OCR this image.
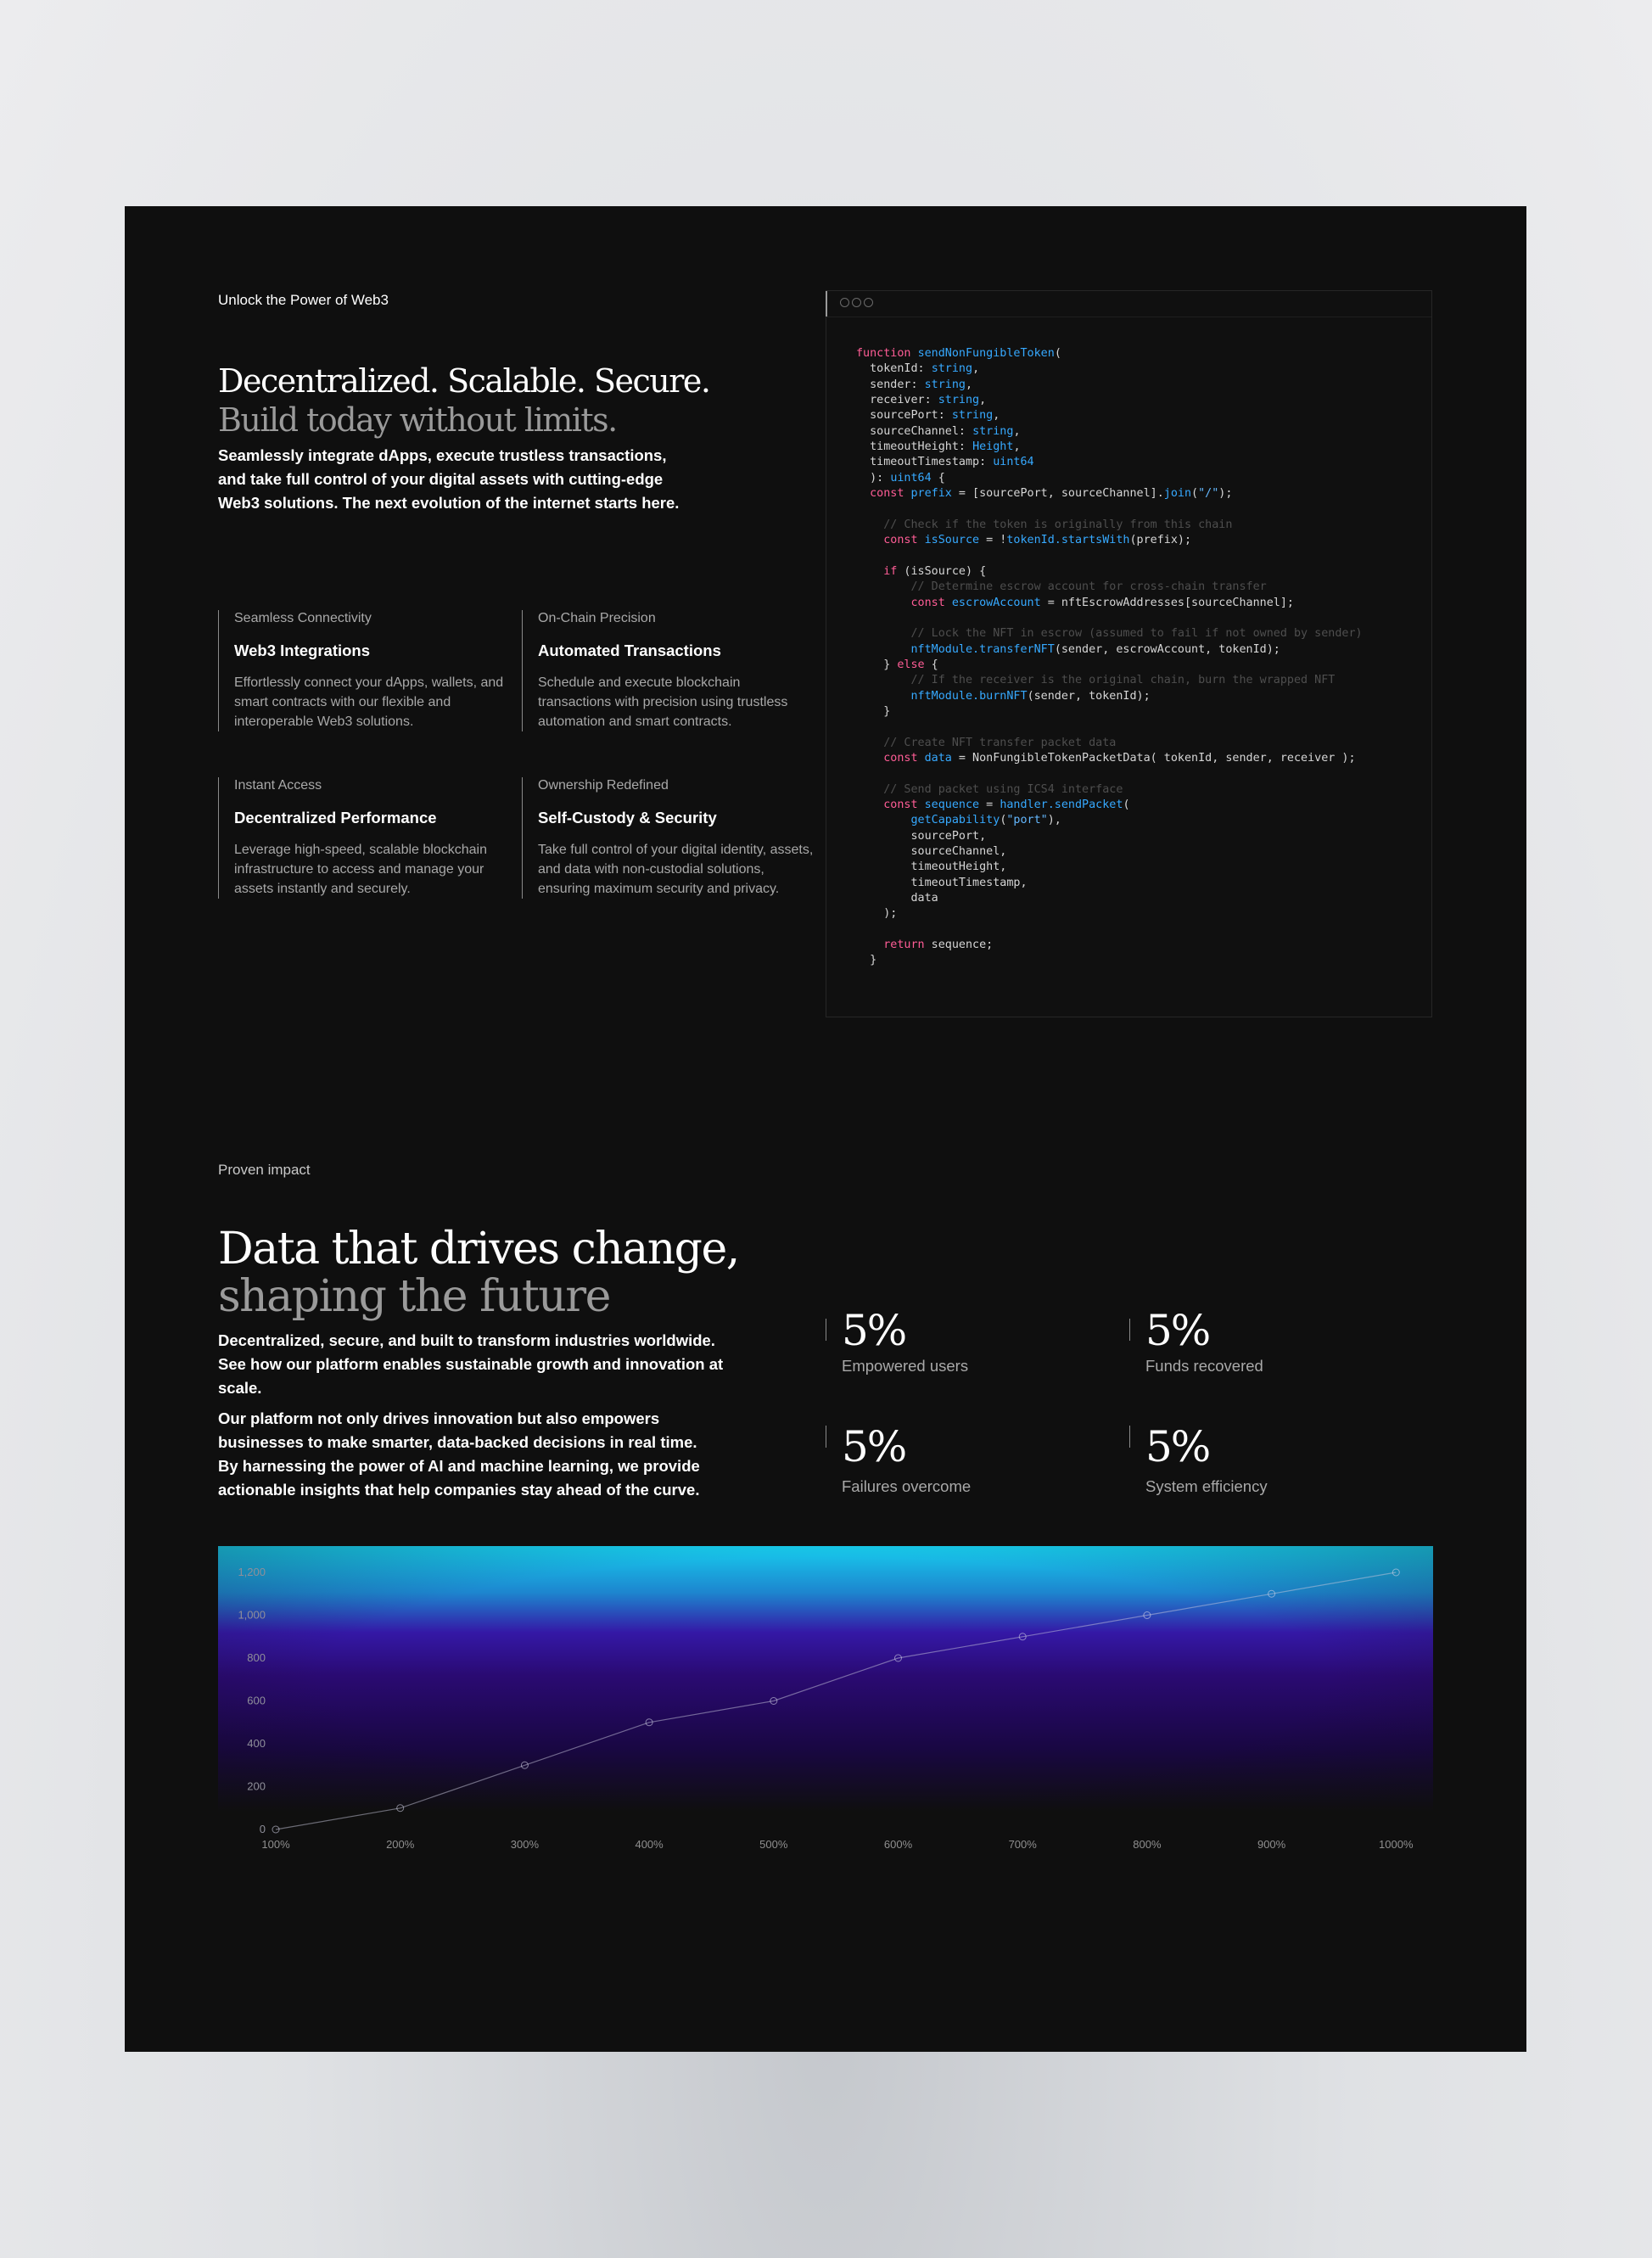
Unlock the Power of Web3
Decentralized. Scalable. Secure.
Build today without limits.
Seamlessly integrate dApps, execute trustless transactions, and take full control of your digital assets with cutting-edge Web3 solutions. The next evolution of the internet starts here.
Seamless Connectivity
Web3 Integrations
Effortlessly connect your dApps, wallets, and smart contracts with our flexible and interoperable Web3 solutions.
On-Chain Precision
Automated Transactions
Schedule and execute blockchain transactions with precision using trustless automation and smart contracts.
Instant Access
Decentralized Performance
Leverage high-speed, scalable blockchain infrastructure to access and manage your assets instantly and securely.
Ownership Redefined
Self-Custody & Security
Take full control of your digital identity, assets, and data with non-custodial solutions, ensuring maximum security and privacy.
function sendNonFungibleToken(
tokenId: string,
sender: string,
receiver: string,
sourcePort: string,
sourceChannel: string,
timeoutHeight: Height,
timeoutTimestamp: uint64
): uint64 {
const prefix = [sourcePort, sourceChannel].join("/");

// Check if the token is originally from this chain
const isSource = !tokenId.startsWith(prefix);

if (isSource) {
// Determine escrow account for cross-chain transfer
const escrowAccount = nftEscrowAddresses[sourceChannel];

// Lock the NFT in escrow (assumed to fail if not owned by sender)
nftModule.transferNFT(sender, escrowAccount, tokenId);
} else {
// If the receiver is the original chain, burn the wrapped NFT
nftModule.burnNFT(sender, tokenId);
}

// Create NFT transfer packet data
const data = NonFungibleTokenPacketData( tokenId, sender, receiver );

// Send packet using ICS4 interface
const sequence = handler.sendPacket(
getCapability("port"),
sourcePort,
sourceChannel,
timeoutHeight,
timeoutTimestamp,
data
);

return sequence;
}
Proven impact
Data that drives change,
shaping the future
Decentralized, secure, and built to transform industries worldwide. See how our platform enables sustainable growth and innovation at scale.
Our platform not only drives innovation but also empowers businesses to make smarter, data-backed decisions in real time. By harnessing the power of AI and machine learning, we provide actionable insights that help companies stay ahead of the curve.
5%
Empowered users
5%
Funds recovered
5%
Failures overcome
5%
System efficiency
0
200
400
600
800
1,000
1,200
100%	200%	300%	400%	500%	600%	700%	800%	900%	1000%
